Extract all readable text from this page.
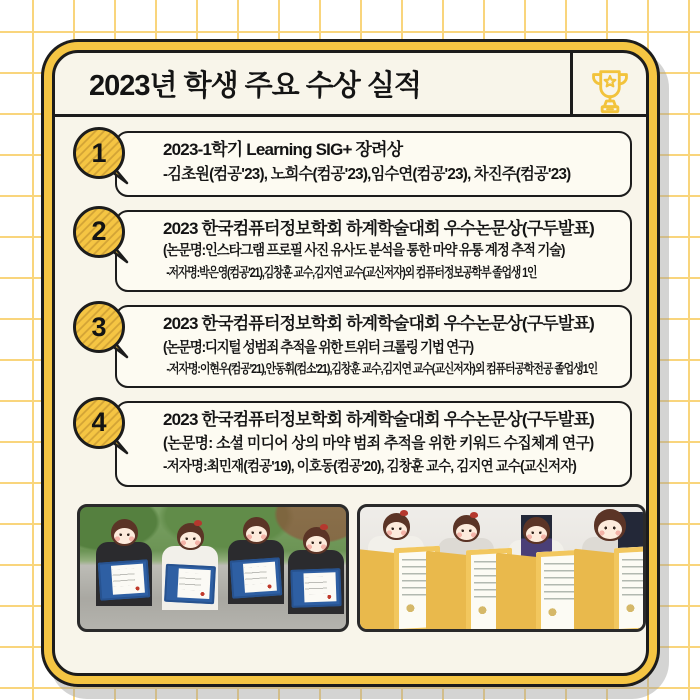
2023년 학생 주요 수상 실적
1	2023-1학기 Learning SIG+ 장려상
-김초원(컴공'23), 노희수(컴공'23),임수연(컴공'23), 차진주(컴공'23)
2	2023 한국컴퓨터정보학회 하계학술대회 우수논문상(구두발표)
(논문명:인스타그램 프로필 사진 유사도 분석을 통한 마약 유통 계정 추적 기술)
-저자명:박은영(컴공'21),김창훈 교수,김지연 교수(교신저자)외 컴퓨터정보공학부 졸업생 1인
3	2023 한국컴퓨터정보학회 하계학술대회 우수논문상(구두발표)
(논문명:디지털 성범죄 추적을 위한 트위터 크롤링 기법 연구)
-저자명:이현우(컴공'21),안동휘(컴소'21),김창훈 교수,김지연 교수(교신저자)외 컴퓨터공학전공 졸업생1인
4	2023 한국컴퓨터정보학회 하계학술대회 우수논문상(구두발표)
(논문명: 소셜 미디어 상의 마약 범죄 추적을 위한 키워드 수집체계 연구)
-저자명:최민재(컴공'19), 이호동(컴공'20), 김창훈 교수, 김지연 교수(교신저자)
